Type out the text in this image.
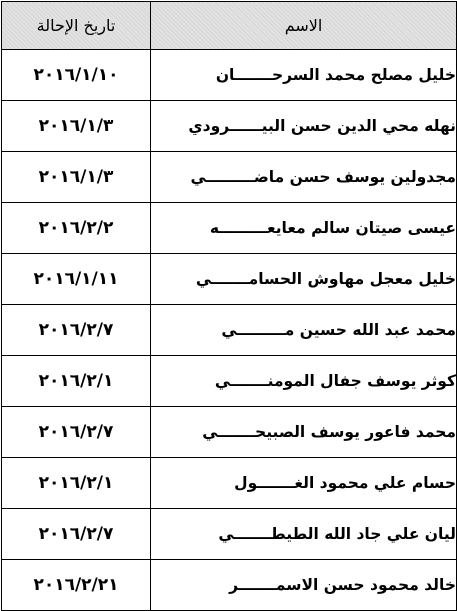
الاسم	تاريخ الإحالة
خليل مصلح محمد السرحـــــــان	٢٠١٦/١/١٠
نهله محي الدين حسن البيــــــرودي	٢٠١٦/١/٣
مجدولين يوسف حسن ماضـــــــــي	٢٠١٦/١/٣
عيسى صيتان سالم معايعـــــــــه	٢٠١٦/٢/٢
خليل معجل مهاوش الحسامـــــــي	٢٠١٦/١/١١
محمد عبد الله حسين مـــــــــي	٢٠١٦/٢/٧
كوثر يوسف جفال المومنـــــــي	٢٠١٦/٢/١
محمد فاعور يوسف الصبيحـــــــي	٢٠١٦/٢/٧
حسام علي محمود الغـــــــول	٢٠١٦/٢/١
ليان علي جاد الله الطيطـــــــي	٢٠١٦/٢/٧
خالد محمود حسن الاسمـــــــر	٢٠١٦/٢/٢١
